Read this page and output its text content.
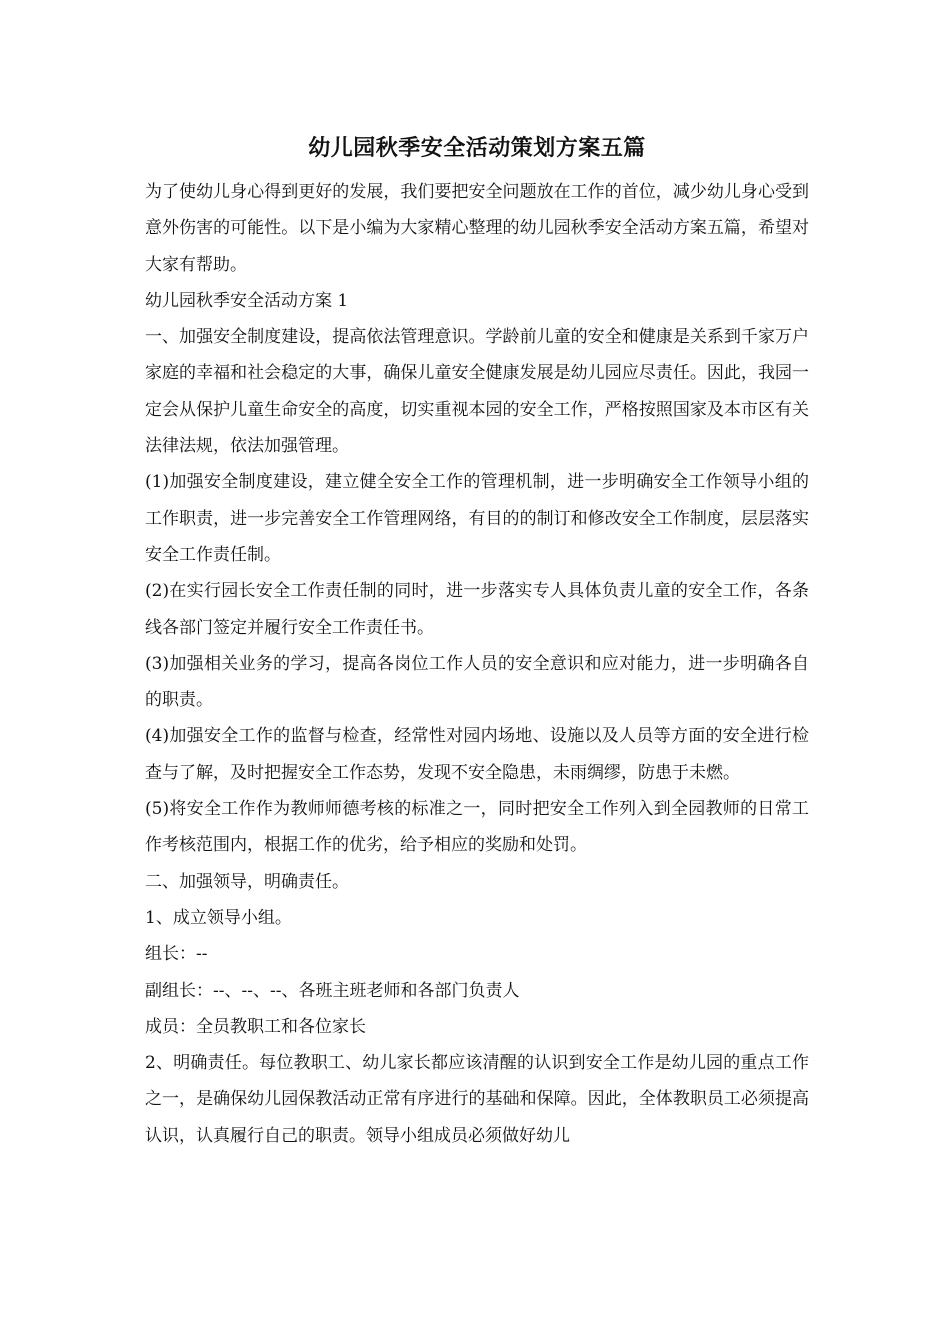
幼儿园秋季安全活动策划方案五篇

为了使幼儿身心得到更好的发展，我们要把安全问题放在工作的首位，减少幼儿身心受到意外伤害的可能性。以下是小编为大家精心整理的幼儿园秋季安全活动方案五篇，希望对大家有帮助。

幼儿园秋季安全活动方案 1

一、加强安全制度建设，提高依法管理意识。学龄前儿童的安全和健康是关系到千家万户家庭的幸福和社会稳定的大事，确保儿童安全健康发展是幼儿园应尽责任。因此，我园一定会从保护儿童生命安全的高度，切实重视本园的安全工作，严格按照国家及本市区有关法律法规，依法加强管理。

(1)加强安全制度建设，建立健全安全工作的管理机制，进一步明确安全工作领导小组的工作职责，进一步完善安全工作管理网络，有目的的制订和修改安全工作制度，层层落实安全工作责任制。

(2)在实行园长安全工作责任制的同时，进一步落实专人具体负责儿童的安全工作，各条线各部门签定并履行安全工作责任书。

(3)加强相关业务的学习，提高各岗位工作人员的安全意识和应对能力，进一步明确各自的职责。

(4)加强安全工作的监督与检查，经常性对园内场地、设施以及人员等方面的安全进行检查与了解，及时把握安全工作态势，发现不安全隐患，未雨绸缪，防患于未燃。

(5)将安全工作作为教师师德考核的标准之一，同时把安全工作列入到全园教师的日常工作考核范围内，根据工作的优劣，给予相应的奖励和处罚。

二、加强领导，明确责任。

1、成立领导小组。

组长：--

副组长：--、--、--、各班主班老师和各部门负责人

成员：全员教职工和各位家长

2、明确责任。每位教职工、幼儿家长都应该清醒的认识到安全工作是幼儿园的重点工作之一，是确保幼儿园保教活动正常有序进行的基础和保障。因此，全体教职员工必须提高认识，认真履行自己的职责。领导小组成员必须做好幼儿
